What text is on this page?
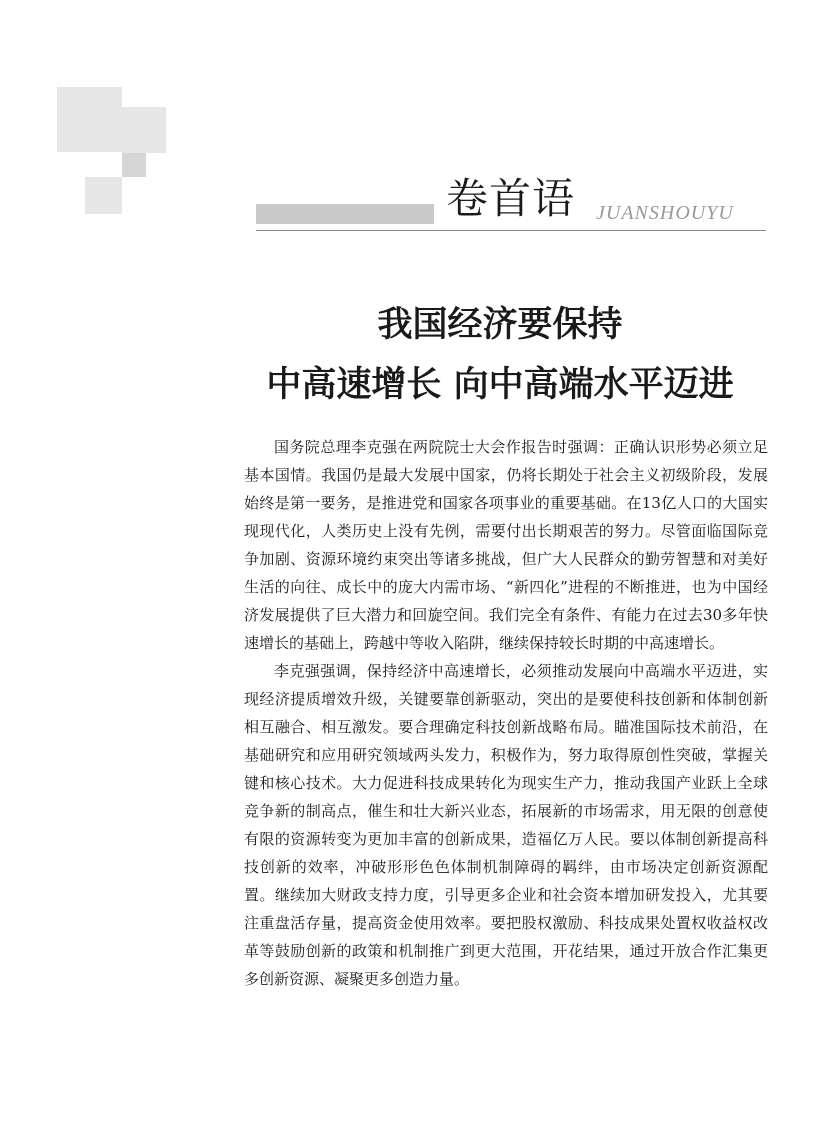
卷首语 JUANSHOUYU
我国经济要保持
中高速增长 向中高端水平迈进

国务院总理李克强在两院院士大会作报告时强调：正确认识形势必须立足基本国情。我国仍是最大发展中国家，仍将长期处于社会主义初级阶段，发展始终是第一要务，是推进党和国家各项事业的重要基础。在13亿人口的大国实现现代化，人类历史上没有先例，需要付出长期艰苦的努力。尽管面临国际竞争加剧、资源环境约束突出等诸多挑战，但广大人民群众的勤劳智慧和对美好生活的向往、成长中的庞大内需市场、“新四化”进程的不断推进，也为中国经济发展提供了巨大潜力和回旋空间。我们完全有条件、有能力在过去30多年快速增长的基础上，跨越中等收入陷阱，继续保持较长时期的中高速增长。

李克强强调，保持经济中高速增长，必须推动发展向中高端水平迈进，实现经济提质增效升级，关键要靠创新驱动，突出的是要使科技创新和体制创新相互融合、相互激发。要合理确定科技创新战略布局。瞄准国际技术前沿，在基础研究和应用研究领域两头发力，积极作为，努力取得原创性突破，掌握关键和核心技术。大力促进科技成果转化为现实生产力，推动我国产业跃上全球竞争新的制高点，催生和壮大新兴业态，拓展新的市场需求，用无限的创意使有限的资源转变为更加丰富的创新成果，造福亿万人民。要以体制创新提高科技创新的效率，冲破形形色色体制机制障碍的羁绊，由市场决定创新资源配置。继续加大财政支持力度，引导更多企业和社会资本增加研发投入，尤其要注重盘活存量，提高资金使用效率。要把股权激励、科技成果处置权收益权改革等鼓励创新的政策和机制推广到更大范围，开花结果，通过开放合作汇集更多创新资源、凝聚更多创造力量。
